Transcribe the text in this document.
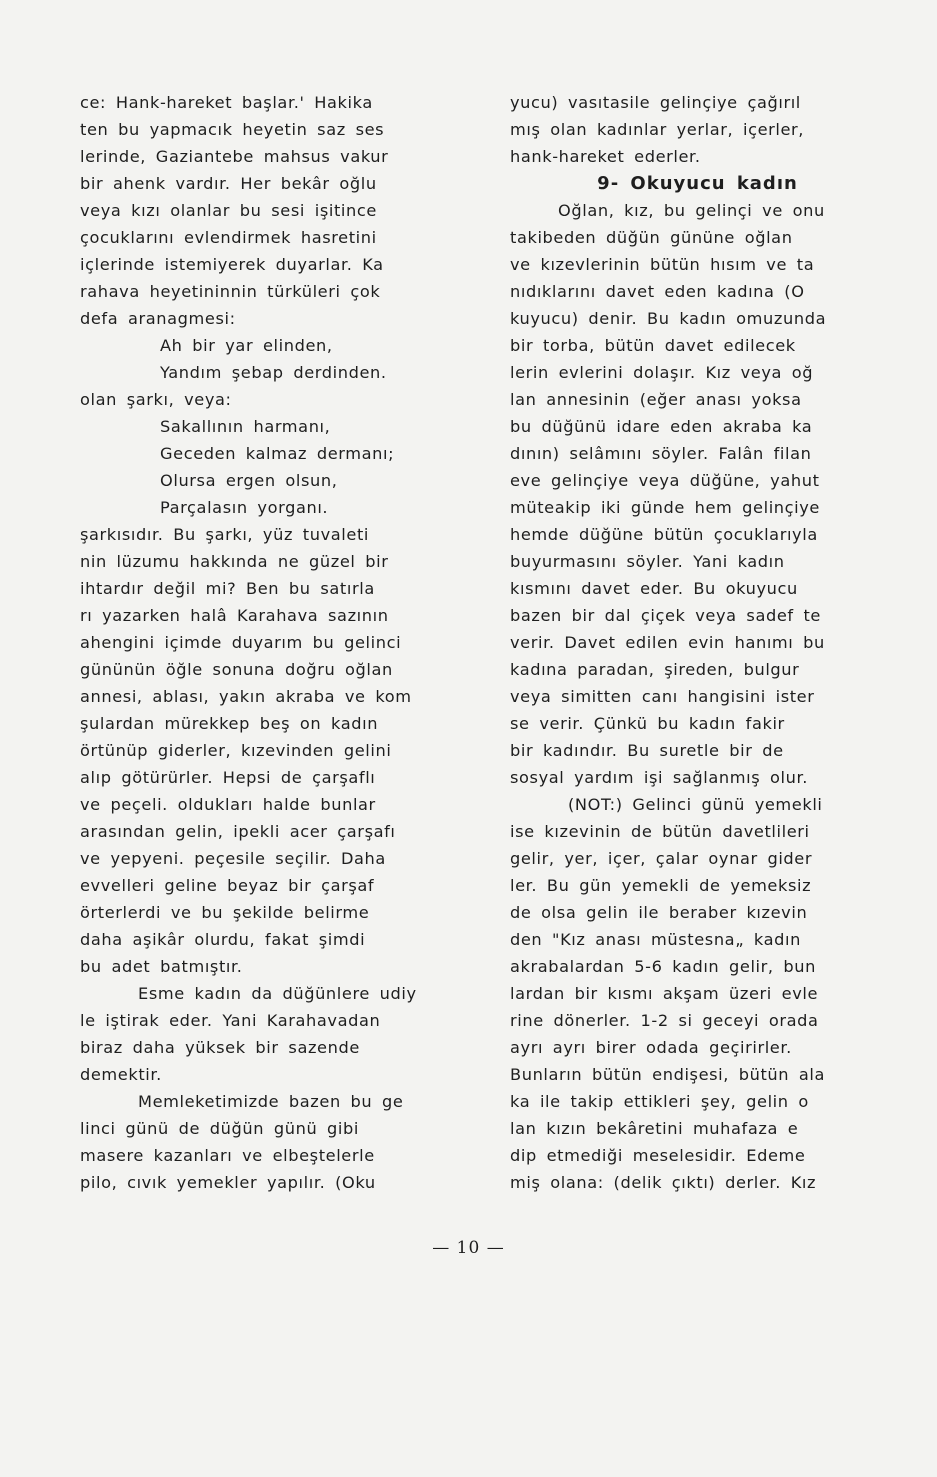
ce: Hank-hareket başlar.' Hakika
ten bu yapmacık heyetin saz ses
lerinde, Gaziantebe mahsus vakur
bir ahenk vardır. Her bekâr oğlu
veya kızı olanlar bu sesi işitince
çocuklarını evlendirmek hasretini
içlerinde istemiyerek duyarlar. Ka
rahava heyetininnin türküleri çok
defa aranagmesi:
Ah bir yar elinden,
Yandım şebap derdinden.
olan şarkı, veya:
Sakallının harmanı,
Geceden kalmaz dermanı;
Olursa ergen olsun,
Parçalasın yorganı.
şarkısıdır. Bu şarkı, yüz tuvaleti
nin lüzumu hakkında ne güzel bir
ihtardır değil mi? Ben bu satırla
rı yazarken halâ Karahava sazının
ahengini içimde duyarım bu gelinci
gününün öğle sonuna doğru oğlan
annesi, ablası, yakın akraba ve kom
şulardan mürekkep beş on kadın
örtünüp giderler, kızevinden gelini
alıp götürürler. Hepsi de çarşaflı
ve peçeli. oldukları halde bunlar
arasından gelin, ipekli acer çarşafı
ve yepyeni. peçesile seçilir. Daha
evvelleri geline beyaz bir çarşaf
örterlerdi ve bu şekilde belirme
daha aşikâr olurdu, fakat şimdi
bu adet batmıştır.
Esme kadın da düğünlere udiy
le iştirak eder. Yani Karahavadan
biraz daha yüksek bir sazende
demektir.
Memleketimizde bazen bu ge
linci günü de düğün günü gibi
masere kazanları ve elbeştelerle
pilo, cıvık yemekler yapılır. (Oku
yucu) vasıtasile gelinçiye çağırıl
mış olan kadınlar yerlar, içerler,
hank-hareket ederler.
9- Okuyucu kadın
Oğlan, kız, bu gelinçi ve onu
takibeden düğün gününe oğlan
ve kızevlerinin bütün hısım ve ta
nıdıklarını davet eden kadına (O
kuyucu) denir. Bu kadın omuzunda
bir torba, bütün davet edilecek
lerin evlerini dolaşır. Kız veya oğ
lan annesinin (eğer anası yoksa
bu düğünü idare eden akraba ka
dının) selâmını söyler. Falân filan
eve gelinçiye veya düğüne, yahut
müteakip iki günde hem gelinçiye
hemde düğüne bütün çocuklarıyla
buyurmasını söyler. Yani kadın
kısmını davet eder. Bu okuyucu
bazen bir dal çiçek veya sadef te
verir. Davet edilen evin hanımı bu
kadına paradan, şireden, bulgur
veya simitten canı hangisini ister
se verir. Çünkü bu kadın fakir
bir kadındır. Bu suretle bir de
sosyal yardım işi sağlanmış olur.
(NOT:) Gelinci günü yemekli
ise kızevinin de bütün davetlileri
gelir, yer, içer, çalar oynar gider
ler. Bu gün yemekli de yemeksiz
de olsa gelin ile beraber kızevin
den "Kız anası müstesna„ kadın
akrabalardan 5-6 kadın gelir, bun
lardan bir kısmı akşam üzeri evle
rine dönerler. 1-2 si geceyi orada
ayrı ayrı birer odada geçirirler.
Bunların bütün endişesi, bütün ala
ka ile takip ettikleri şey, gelin o
lan kızın bekâretini muhafaza e
dip etmediği meselesidir. Edeme
miş olana: (delik çıktı) derler. Kız
— 10 —
